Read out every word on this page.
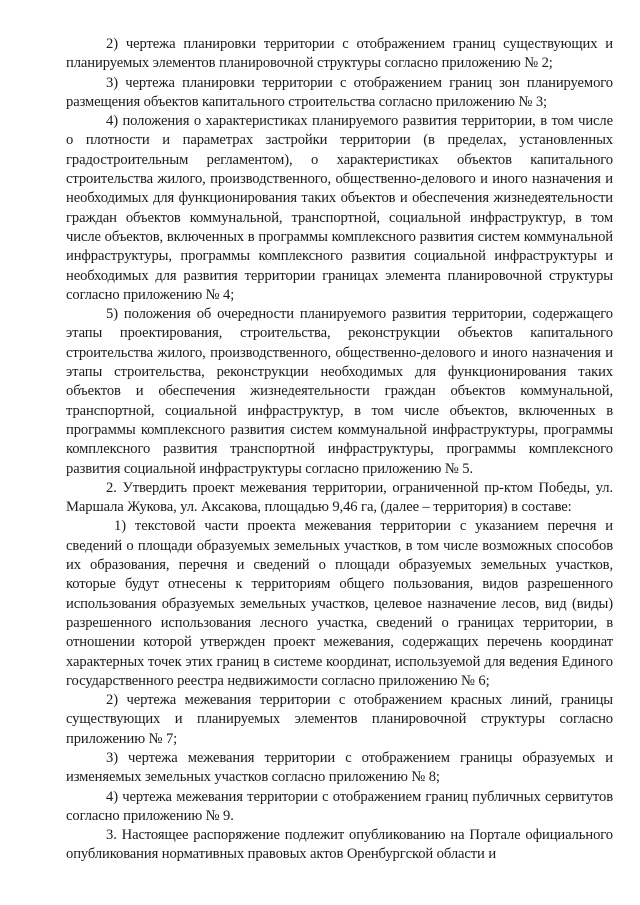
2) чертежа планировки территории с отображением границ существующих и планируемых элементов планировочной структуры согласно приложению № 2;

3) чертежа планировки территории с отображением границ зон планируемого размещения объектов капитального строительства согласно приложению № 3;

4) положения о характеристиках планируемого развития территории, в том числе о плотности и параметрах застройки территории (в пределах, установленных градостроительным регламентом), о характеристиках объектов капитального строительства жилого, производственного, общественно-делового и иного назначения и необходимых для функционирования таких объектов и обеспечения жизнедеятельности граждан объектов коммунальной, транспортной, социальной инфраструктур, в том числе объектов, включенных в программы комплексного развития систем коммунальной инфраструктуры, программы комплексного развития социальной инфраструктуры и необходимых для развития территории границах элемента планировочной структуры согласно приложению № 4;

5) положения об очередности планируемого развития территории, содержащего этапы проектирования, строительства, реконструкции объектов капитального строительства жилого, производственного, общественно-делового и иного назначения и этапы строительства, реконструкции необходимых для функционирования таких объектов и обеспечения жизнедеятельности граждан объектов коммунальной, транспортной, социальной инфраструктур, в том числе объектов, включенных в программы комплексного развития систем коммунальной инфраструктуры, программы комплексного развития транспортной инфраструктуры, программы комплексного развития социальной инфраструктуры согласно приложению № 5.

2. Утвердить проект межевания территории, ограниченной пр-ктом Победы, ул. Маршала Жукова, ул. Аксакова, площадью 9,46 га, (далее – территория) в составе:

1) текстовой части проекта межевания территории с указанием перечня и сведений о площади образуемых земельных участков, в том числе возможных способов их образования, перечня и сведений о площади образуемых земельных участков, которые будут отнесены к территориям общего пользования, видов разрешенного использования образуемых земельных участков, целевое назначение лесов, вид (виды) разрешенного использования лесного участка, сведений о границах территории, в отношении которой утвержден проект межевания, содержащих перечень координат характерных точек этих границ в системе координат, используемой для ведения Единого государственного реестра недвижимости согласно приложению № 6;

2) чертежа межевания территории с отображением красных линий, границы существующих и планируемых элементов планировочной структуры согласно приложению № 7;

3) чертежа межевания территории с отображением границы образуемых и изменяемых земельных участков согласно приложению № 8;

4) чертежа межевания территории с отображением границ публичных сервитутов согласно приложению № 9.

3. Настоящее распоряжение подлежит опубликованию на Портале официального опубликования нормативных правовых актов Оренбургской области и
